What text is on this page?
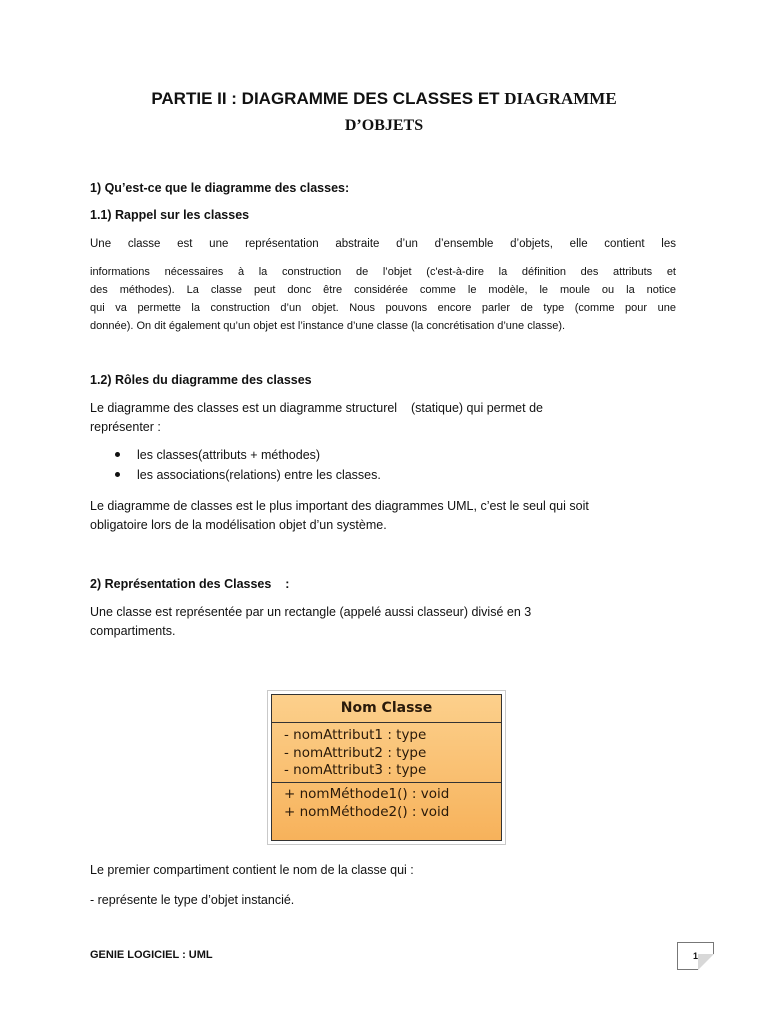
PARTIE II : DIAGRAMME DES CLASSES ET DIAGRAMME
D’OBJETS
1) Qu’est-ce que le diagramme des classes:
1.1) Rappel sur les classes
Une classe est une représentation abstraite d’un d’ensemble d’objets, elle contient les
informations nécessaires à la construction de l’objet (c'est-à-dire la définition des attributs et
des méthodes). La classe peut donc être considérée comme le modèle, le moule ou la notice
qui va permette la construction d’un objet. Nous pouvons encore parler de type (comme pour une
donnée). On dit également qu’un objet est l’instance d’une classe (la concrétisation d’une classe).
1.2) Rôles du diagramme des classes
Le diagramme des classes est un diagramme structurel    (statique) qui permet de
représenter :
les classes(attributs + méthodes)
les associations(relations) entre les classes.
Le diagramme de classes est le plus important des diagrammes UML, c’est le seul qui soit
obligatoire lors de la modélisation objet d’un système.
2) Représentation des Classes    :
Une classe est représentée par un rectangle (appelé aussi classeur) divisé en 3
compartiments.
Nom Classe
- nomAttribut1 : type
- nomAttribut2 : type
- nomAttribut3 : type
+ nomMéthode1() : void
+ nomMéthode2() : void
Le premier compartiment contient le nom de la classe qui :
- représente le type d’objet instancié.
GENIE LOGICIEL : UML	1
